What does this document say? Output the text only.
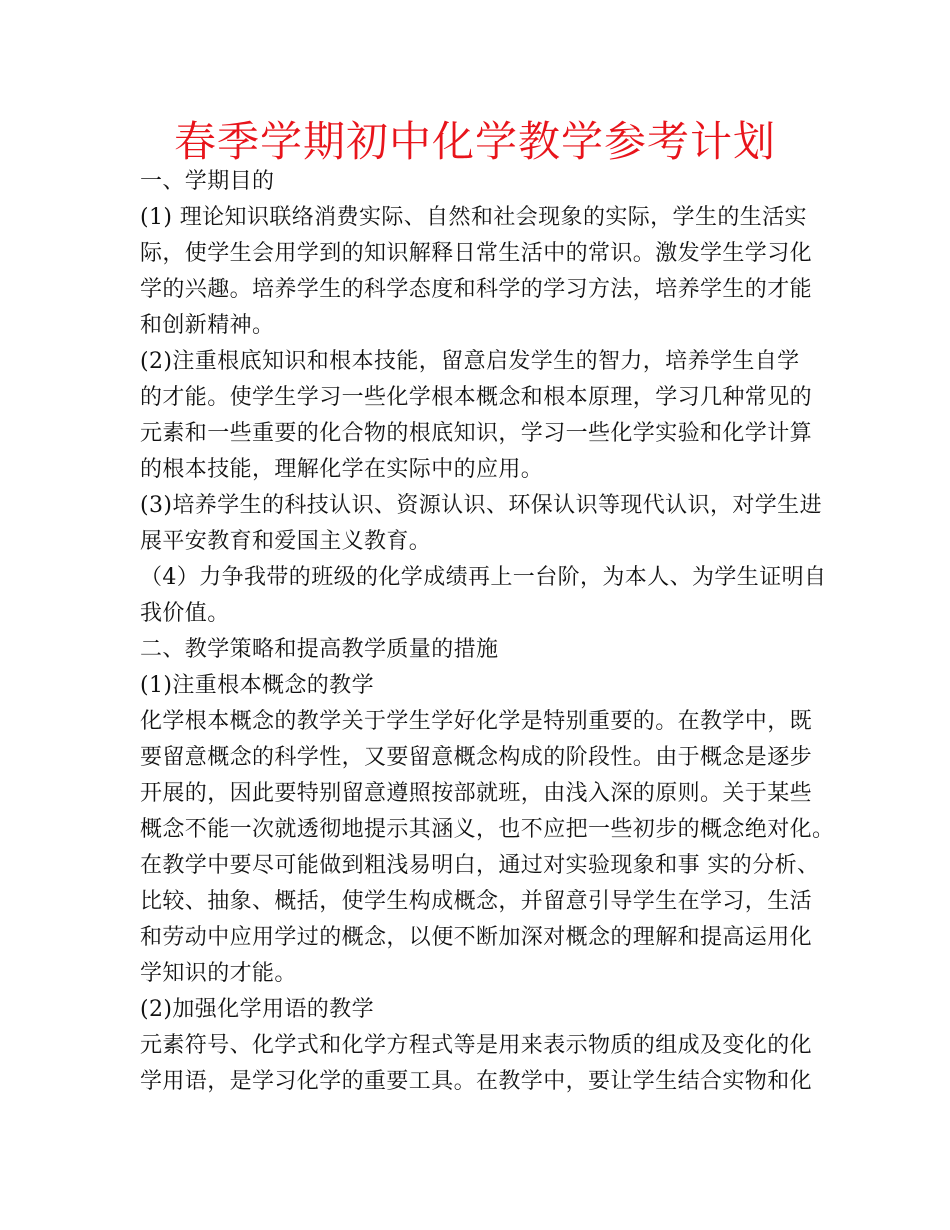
春季学期初中化学教学参考计划
一、学期目的
(1) 理论知识联络消费实际、自然和社会现象的实际，学生的生活实
际，使学生会用学到的知识解释日常生活中的常识。激发学生学习化
学的兴趣。培养学生的科学态度和科学的学习方法，培养学生的才能
和创新精神。
(2)注重根底知识和根本技能，留意启发学生的智力，培养学生自学
的才能。使学生学习一些化学根本概念和根本原理，学习几种常见的
元素和一些重要的化合物的根底知识，学习一些化学实验和化学计算
的根本技能，理解化学在实际中的应用。
(3)培养学生的科技认识、资源认识、环保认识等现代认识，对学生进
展平安教育和爱国主义教育。
（4）力争我带的班级的化学成绩再上一台阶，为本人、为学生证明自
我价值。
二、教学策略和提高教学质量的措施
(1)注重根本概念的教学
化学根本概念的教学关于学生学好化学是特别重要的。在教学中，既
要留意概念的科学性，又要留意概念构成的阶段性。由于概念是逐步
开展的，因此要特别留意遵照按部就班，由浅入深的原则。关于某些
概念不能一次就透彻地提示其涵义，也不应把一些初步的概念绝对化。
在教学中要尽可能做到粗浅易明白，通过对实验现象和事 实的分析、
比较、抽象、概括，使学生构成概念，并留意引导学生在学习，生活
和劳动中应用学过的概念，以便不断加深对概念的理解和提高运用化
学知识的才能。
(2)加强化学用语的教学
元素符号、化学式和化学方程式等是用来表示物质的组成及变化的化
学用语，是学习化学的重要工具。在教学中，要让学生结合实物和化
